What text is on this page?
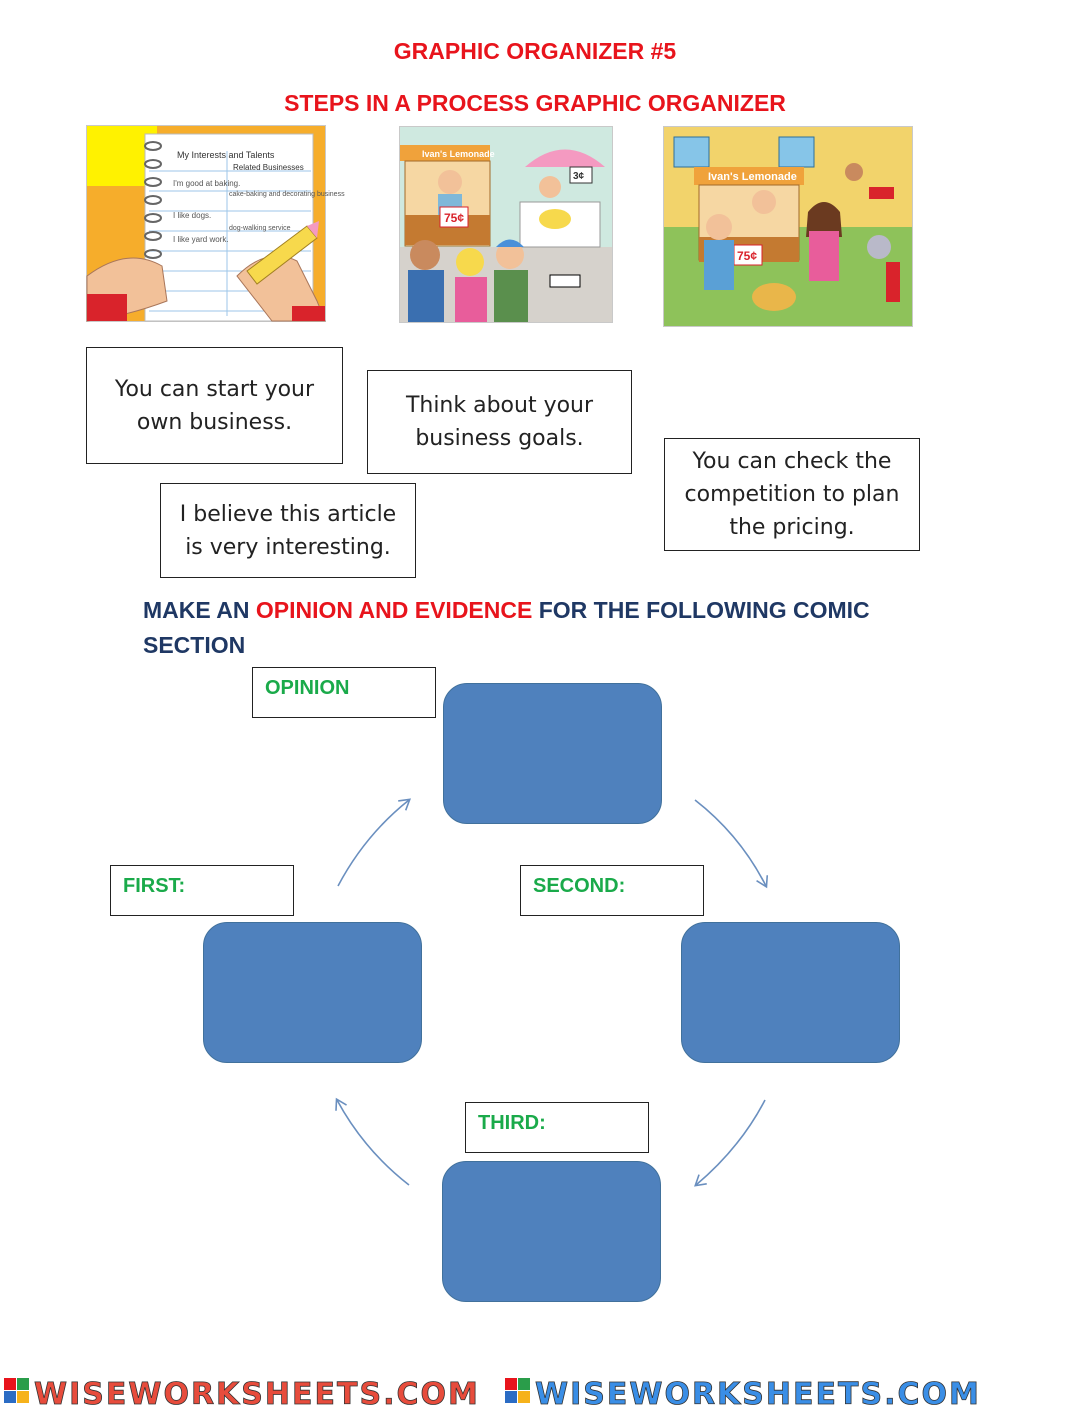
GRAPHIC ORGANIZER #5
STEPS IN A PROCESS GRAPHIC ORGANIZER
My Interests and Talents
Related Businesses
I'm good at baking.
cake-baking and decorating business
I like dogs.
dog-walking service
I like yard work.
Ivan's Lemonade
75¢
3¢	Ivan's Lemonade
75¢
You can start your own business.
Think about your business goals.
I believe this article is very interesting.
You can check the competition to plan the pricing.
MAKE AN OPINION AND EVIDENCE FOR THE FOLLOWING COMIC SECTION
OPINION
FIRST:	SECOND:
THIRD:
WISEWORKSHEETS.COM WISEWORKSHEETS.COM
